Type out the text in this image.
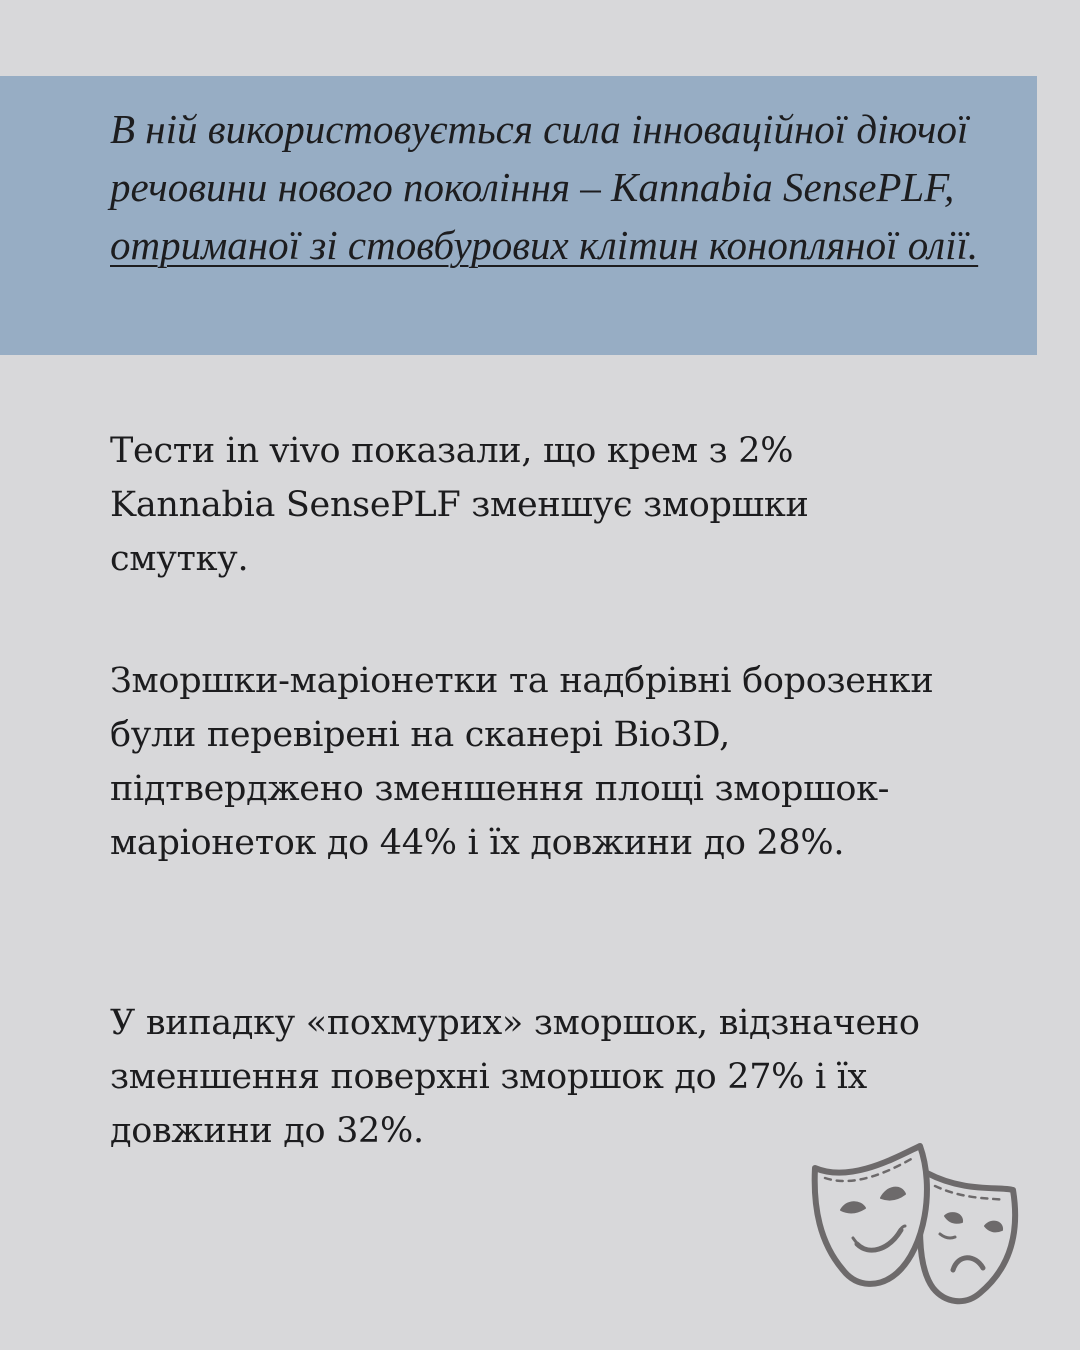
В ній використовується сила інноваційної діючої речовини нового покоління – Kannabia SensePLF, отриманої зі стовбурових клітин конопляної олії.

Тести in vivo показали, що крем з 2% Kannabia SensePLF зменшує зморшки смутку.

Зморшки-маріонетки та надбрівні борозенки були перевірені на сканері Bio3D, підтверджено зменшення площі зморшок-маріонеток до 44% і їх довжини до 28%.

У випадку «похмурих» зморшок, відзначено зменшення поверхні зморшок до 27% і їх довжини до 32%.
